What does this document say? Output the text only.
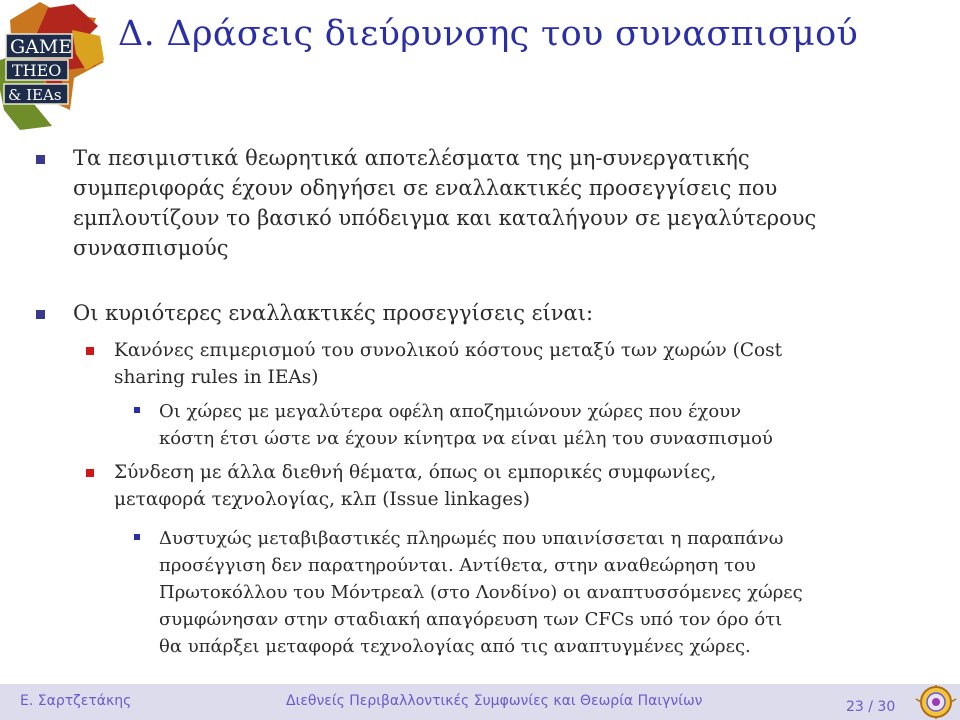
GAME
THEO
& IEAs
Δ. Δράσεις διεύρυνσης του συνασπισμού
Τα πεσιμιστικά θεωρητικά αποτελέσματα της μη-συνεργατικής
συμπεριφοράς έχουν οδηγήσει σε εναλλακτικές προσεγγίσεις που
εμπλουτίζουν το βασικό υπόδειγμα και καταλήγουν σε μεγαλύτερους
συνασπισμούς
Οι κυριότερες εναλλακτικές προσεγγίσεις είναι:
Κανόνες επιμερισμού του συνολικού κόστους μεταξύ των χωρών (Cost
sharing rules in IEAs)
Οι χώρες με μεγαλύτερα οφέλη αποζημιώνουν χώρες που έχουν
κόστη έτσι ώστε να έχουν κίνητρα να είναι μέλη του συνασπισμού
Σύνδεση με άλλα διεθνή θέματα, όπως οι εμπορικές συμφωνίες,
μεταφορά τεχνολογίας, κλπ (Issue linkages)
Δυστυχώς μεταβιβαστικές πληρωμές που υπαινίσσεται η παραπάνω
προσέγγιση δεν παρατηρούνται. Αντίθετα, στην αναθεώρηση του
Πρωτοκόλλου του Μόντρεαλ (στο Λονδίνο) οι αναπτυσσόμενες χώρες
συμφώνησαν στην σταδιακή απαγόρευση των CFCs υπό τον όρο ότι
θα υπάρξει μεταφορά τεχνολογίας από τις αναπτυγμένες χώρες.
Ε. Σαρτζετάκης	Διεθνείς Περιβαλλοντικές Συμφωνίες και Θεωρία Παιγνίων	23 / 30
